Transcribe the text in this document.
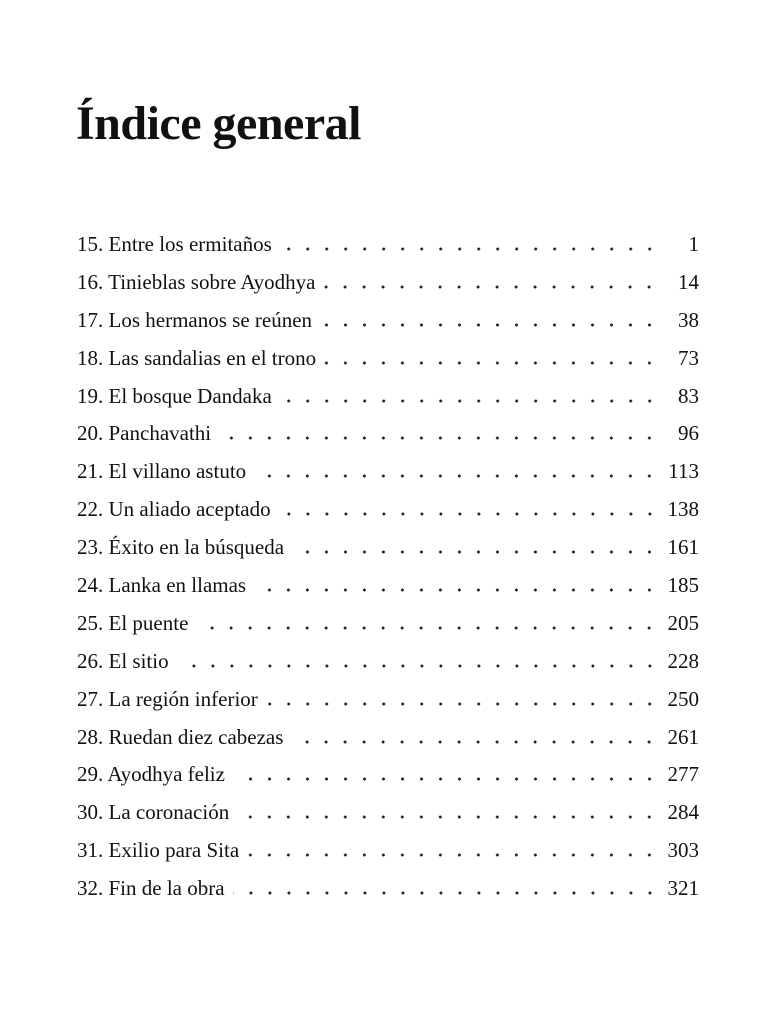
Índice general
15. Entre los ermitaños	1
16. Tinieblas sobre Ayodhya	14
17. Los hermanos se reúnen	38
18. Las sandalias en el trono	73
19. El bosque Dandaka	83
20. Panchavathi	96
21. El villano astuto	113
22. Un aliado aceptado	138
23. Éxito en la búsqueda	161
24. Lanka en llamas	185
25. El puente	205
26. El sitio	228
27. La región inferior	250
28. Ruedan diez cabezas	261
29. Ayodhya feliz	277
30. La coronación	284
31. Exilio para Sita	303
32. Fin de la obra	321
